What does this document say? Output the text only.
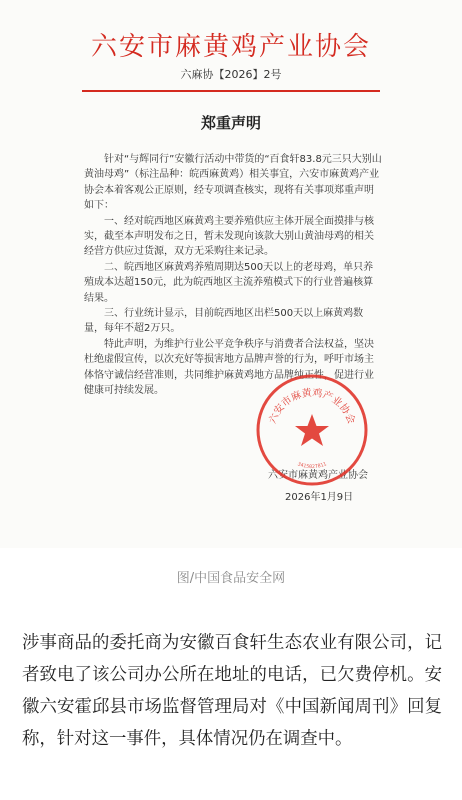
六安市麻黄鸡产业协会
六麻协【2026】2号
郑重声明

针对“与辉同行”安徽行活动中带货的“百食轩83.8元三只大别山黄油母鸡”（标注品种：皖西麻黄鸡）相关事宜，六安市麻黄鸡产业协会本着客观公正原则，经专项调查核实，现将有关事项郑重声明如下：

一、经对皖西地区麻黄鸡主要养殖供应主体开展全面摸排与核实，截至本声明发布之日，暂未发现向该款大别山黄油母鸡的相关经营方供应过货源，双方无采购往来记录。

二、皖西地区麻黄鸡养殖周期达500天以上的老母鸡，单只养殖成本达超150元，此为皖西地区主流养殖模式下的行业普遍核算结果。

三、行业统计显示，目前皖西地区出栏500天以上麻黄鸡数量，每年不超2万只。

特此声明，为维护行业公平竞争秩序与消费者合法权益，坚决杜绝虚假宣传，以次充好等损害地方品牌声誉的行为，呼吁市场主体恪守诚信经营准则，共同维护麻黄鸡地方品牌纯正性，促进行业健康可持续发展。

六安市麻黄鸡产业协会
2026年1月9日
六安市麻黄鸡产业协会
3415027811
图/中国食品安全网
涉事商品的委托商为安徽百食轩生态农业有限公司，记者致电了该公司办公所在地址的电话，已欠费停机。安徽六安霍邱县市场监督管理局对《中国新闻周刊》回复称，针对这一事件，具体情况仍在调查中。
